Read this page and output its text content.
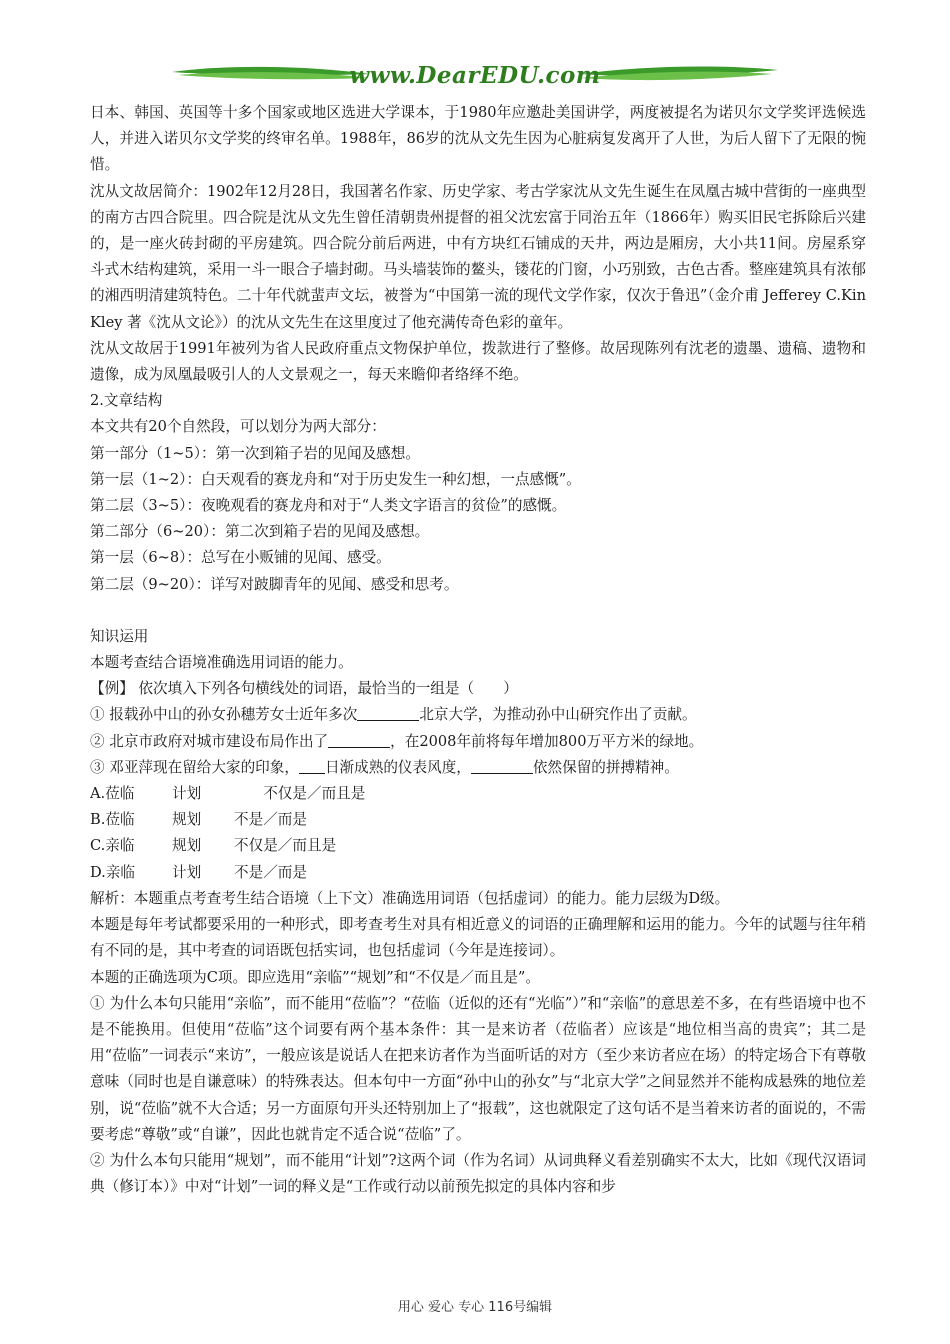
www.DearEDU.com

日本、韩国、英国等十多个国家或地区选进大学课本，于1980年应邀赴美国讲学，两度被提名为诺贝尔文学奖评选候选人，并进入诺贝尔文学奖的终审名单。1988年，86岁的沈从文先生因为心脏病复发离开了人世，为后人留下了无限的惋惜。

沈从文故居简介：1902年12月28日，我国著名作家、历史学家、考古学家沈从文先生诞生在凤凰古城中营街的一座典型的南方古四合院里。四合院是沈从文先生曾任清朝贵州提督的祖父沈宏富于同治五年（1866年）购买旧民宅拆除后兴建的，是一座火砖封砌的平房建筑。四合院分前后两进，中有方块红石铺成的天井，两边是厢房，大小共11间。房屋系穿斗式木结构建筑，采用一斗一眼合子墙封砌。马头墙装饰的鳌头，镂花的门窗，小巧别致，古色古香。整座建筑具有浓郁的湘西明清建筑特色。二十年代就蜚声文坛，被誉为“中国第一流的现代文学作家，仅次于鲁迅”（金介甫 Jefferey C.KinKley 著《沈从文论》）的沈从文先生在这里度过了他充满传奇色彩的童年。

沈从文故居于1991年被列为省人民政府重点文物保护单位，拨款进行了整修。故居现陈列有沈老的遗墨、遗稿、遗物和遗像，成为凤凰最吸引人的人文景观之一，每天来瞻仰者络绎不绝。

2.文章结构

本文共有20个自然段，可以划分为两大部分：

第一部分（1~5）：第一次到箱子岩的见闻及感想。

第一层（1~2）：白天观看的赛龙舟和“对于历史发生一种幻想，一点感慨”。

第二层（3~5）：夜晚观看的赛龙舟和对于“人类文字语言的贫俭”的感慨。

第二部分（6~20）：第二次到箱子岩的见闻及感想。

第一层（6~8）：总写在小贩铺的见闻、感受。

第二层（9~20）：详写对跛脚青年的见闻、感受和思考。

知识运用

本题考查结合语境准确选用词语的能力。

【例】 依次填入下列各句横线处的词语，最恰当的一组是（　　）

① 报载孙中山的孙女孙穗芳女士近年多次	北京大学，为推动孙中山研究作出了贡献。

② 北京市政府对城市建设布局作出了	，在2008年前将每年增加800万平方米的绿地。

③ 邓亚萍现在留给大家的印象， 日渐成熟的仪表风度，	依然保留的拼搏精神。

A.莅临	计划	　　不仅是／而且是
B.莅临	规划	不是／而是
C.亲临	规划	不仅是／而且是
D.亲临	计划	不是／而是

解析：本题重点考查考生结合语境（上下文）准确选用词语（包括虚词）的能力。能力层级为D级。

本题是每年考试都要采用的一种形式，即考查考生对具有相近意义的词语的正确理解和运用的能力。今年的试题与往年稍有不同的是，其中考查的词语既包括实词，也包括虚词（今年是连接词）。

本题的正确选项为C项。即应选用“亲临”“规划”和“不仅是／而且是”。

① 为什么本句只能用“亲临”，而不能用“莅临”？“莅临（近似的还有“光临”）”和“亲临”的意思差不多，在有些语境中也不是不能换用。但使用“莅临”这个词要有两个基本条件：其一是来访者（莅临者）应该是“地位相当高的贵宾”；其二是用“莅临”一词表示“来访”，一般应该是说话人在把来访者作为当面听话的对方（至少来访者应在场）的特定场合下有尊敬意味（同时也是自谦意味）的特殊表达。但本句中一方面“孙中山的孙女”与“北京大学”之间显然并不能构成悬殊的地位差别，说“莅临”就不大合适；另一方面原句开头还特别加上了“报载”，这也就限定了这句话不是当着来访者的面说的，不需要考虑“尊敬”或“自谦”，因此也就肯定不适合说“莅临”了。

② 为什么本句只能用“规划”，而不能用“计划”?这两个词（作为名词）从词典释义看差别确实不太大，比如《现代汉语词典（修订本）》中对“计划”一词的释义是“工作或行动以前预先拟定的具体内容和步

用心 爱心 专心 116号编辑
